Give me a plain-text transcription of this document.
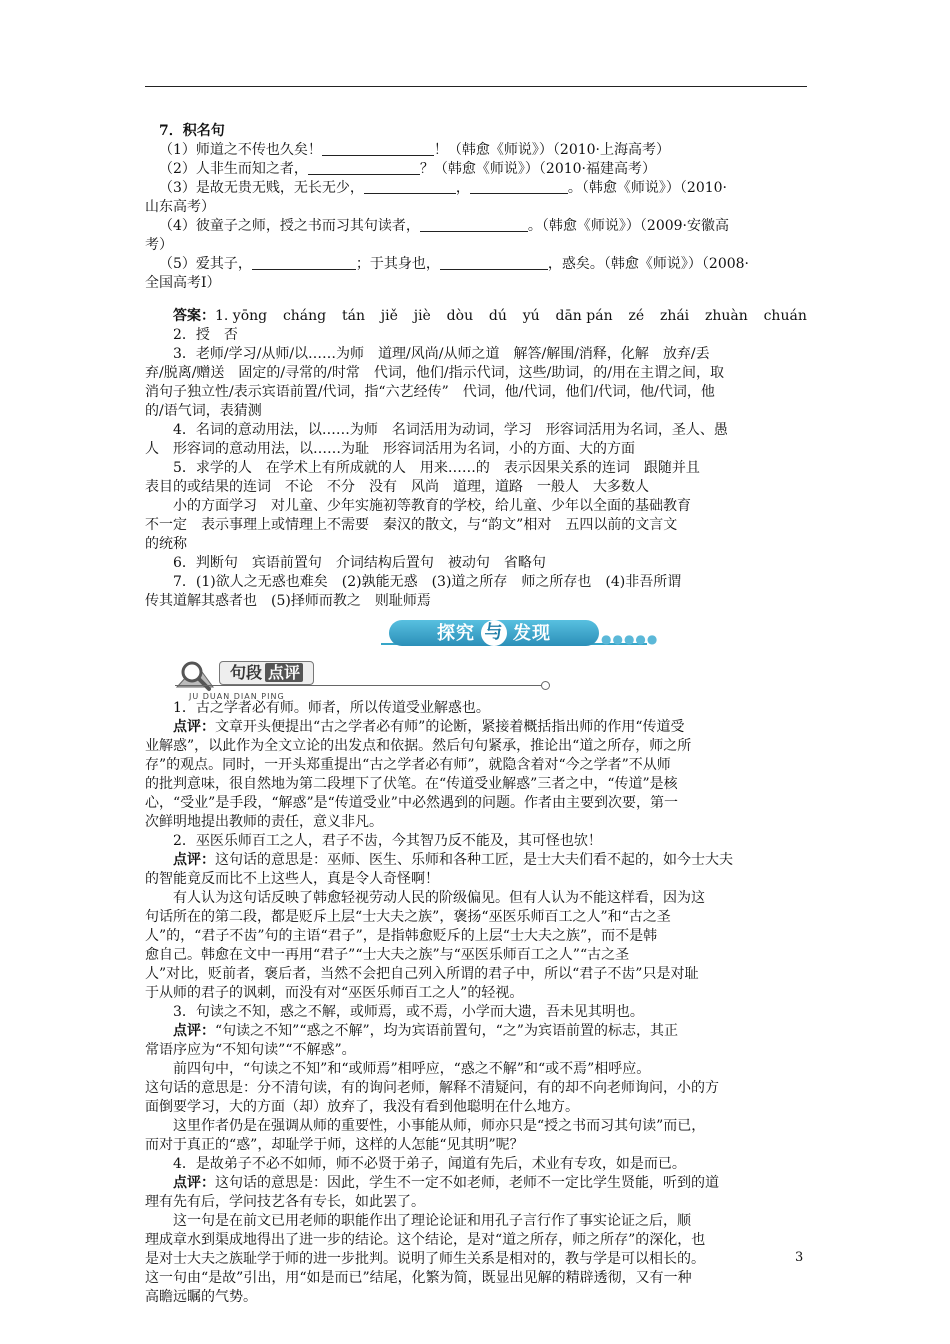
7．积名句
（1）师道之不传也久矣！	！（韩愈《师说》）（2010·上海高考）
（2）人非生而知之者，	？（韩愈《师说》）（2010·福建高考）
（3）是故无贵无贱，无长无少，	，	。（韩愈《师说》）（2010·
山东高考）
（4）彼童子之师，授之书而习其句读者，	。（韩愈《师说》）（2009·安徽高
考）
（5）爱其子，	；于其身也，	，惑矣。（韩愈《师说》）（2008·
全国高考Ⅰ）
答案：1. yōng cháng tán jiě jiè dòu dú yú dān pán zé zhái zhuàn chuán
2．授　否
3．老师/学习/从师/以……为师　道理/风尚/从师之道　解答/解围/消释，化解　放弃/丢
弃/脱离/赠送　固定的/寻常的/时常　代词，他们/指示代词，这些/助词，的/用在主谓之间，取
消句子独立性/表示宾语前置/代词，指“六艺经传”　代词，他/代词，他们/代词，他/代词，他
的/语气词，表猜测
4．名词的意动用法，以……为师　名词活用为动词，学习　形容词活用为名词，圣人、愚
人　形容词的意动用法，以……为耻　形容词活用为名词，小的方面、大的方面
5．求学的人　在学术上有所成就的人　用来……的　表示因果关系的连词　跟随并且
表目的或结果的连词　不论　不分　没有　风尚　道理，道路　一般人　大多数人
小的方面学习　对儿童、少年实施初等教育的学校，给儿童、少年以全面的基础教育
不一定　表示事理上或情理上不需要　秦汉的散文，与“韵文”相对　五四以前的文言文
的统称
6．判断句　宾语前置句　介词结构后置句　被动句　省略句
7．(1)欲人之无惑也难矣　(2)孰能无惑　(3)道之所存　师之所存也　(4)非吾所谓
传其道解其惑者也　(5)择师而教之　则耻师焉
探究 与 发现	●●●●●
句段 点评
JU DUAN DIAN PING
1．古之学者必有师。师者，所以传道受业解惑也。
点评：文章开头便提出“古之学者必有师”的论断，紧接着概括指出师的作用“传道受
业解惑”，以此作为全文立论的出发点和依据。然后句句紧承，推论出“道之所存，师之所
存”的观点。同时，一开头郑重提出“古之学者必有师”，就隐含着对“今之学者”不从师
的批判意味，很自然地为第二段埋下了伏笔。在“传道受业解惑”三者之中，“传道”是核
心，“受业”是手段，“解惑”是“传道受业”中必然遇到的问题。作者由主要到次要，第一
次鲜明地提出教师的责任，意义非凡。
2．巫医乐师百工之人，君子不齿，今其智乃反不能及，其可怪也欤！
点评：这句话的意思是：巫师、医生、乐师和各种工匠，是士大夫们看不起的，如今士大夫
的智能竟反而比不上这些人，真是令人奇怪啊！
有人认为这句话反映了韩愈轻视劳动人民的阶级偏见。但有人认为不能这样看，因为这
句话所在的第二段，都是贬斥上层“士大夫之族”，褒扬“巫医乐师百工之人”和“古之圣
人”的，“君子不齿”句的主语“君子”，是指韩愈贬斥的上层“士大夫之族”，而不是韩
愈自己。韩愈在文中一再用“君子”“士大夫之族”与“巫医乐师百工之人”“古之圣
人”对比，贬前者，褒后者，当然不会把自己列入所谓的君子中，所以“君子不齿”只是对耻
于从师的君子的讽刺，而没有对“巫医乐师百工之人”的轻视。
3．句读之不知，惑之不解，或师焉，或不焉，小学而大遗，吾未见其明也。
点评：“句读之不知”“惑之不解”，均为宾语前置句，“之”为宾语前置的标志，其正
常语序应为“不知句读”“不解惑”。
前四句中，“句读之不知”和“或师焉”相呼应，“惑之不解”和“或不焉”相呼应。
这句话的意思是：分不清句读，有的询问老师，解释不清疑问，有的却不向老师询问，小的方
面倒要学习，大的方面（却）放弃了，我没有看到他聪明在什么地方。
这里作者仍是在强调从师的重要性，小事能从师，师亦只是“授之书而习其句读”而已，
而对于真正的“惑”，却耻学于师，这样的人怎能“见其明”呢？
4．是故弟子不必不如师，师不必贤于弟子，闻道有先后，术业有专攻，如是而已。
点评：这句话的意思是：因此，学生不一定不如老师，老师不一定比学生贤能，听到的道
理有先有后，学问技艺各有专长，如此罢了。
这一句是在前文已用老师的职能作出了理论论证和用孔子言行作了事实论证之后，顺
理成章水到渠成地得出了进一步的结论。这个结论，是对“道之所存，师之所存”的深化，也
是对士大夫之族耻学于师的进一步批判。说明了师生关系是相对的，教与学是可以相长的。
这一句由“是故”引出，用“如是而已”结尾，化繁为简，既显出见解的精辟透彻，又有一种
高瞻远瞩的气势。
3
